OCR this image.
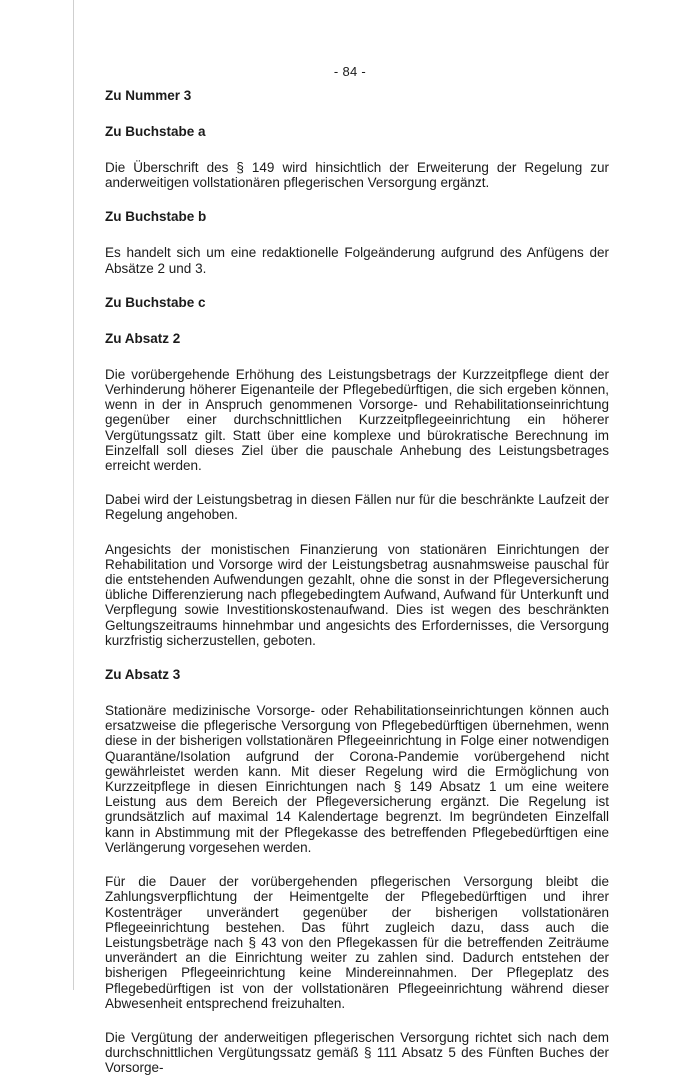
- 84 -
Zu Nummer 3
Zu Buchstabe a

Die Überschrift des § 149 wird hinsichtlich der Erweiterung der Regelung zur anderweitigen vollstationären pflegerischen Versorgung ergänzt.

Zu Buchstabe b

Es handelt sich um eine redaktionelle Folgeänderung aufgrund des Anfügens der Absätze 2 und 3.

Zu Buchstabe c
Zu Absatz 2

Die vorübergehende Erhöhung des Leistungsbetrags der Kurzzeitpflege dient der Verhinderung höherer Eigenanteile der Pflegebedürftigen, die sich ergeben können, wenn in der in Anspruch genommenen Vorsorge- und Rehabilitationseinrichtung gegenüber einer durchschnittlichen Kurzzeitpflegeeinrichtung ein höherer Vergütungssatz gilt. Statt über eine komplexe und bürokratische Berechnung im Einzelfall soll dieses Ziel über die pauschale Anhebung des Leistungsbetrages erreicht werden.

Dabei wird der Leistungsbetrag in diesen Fällen nur für die beschränkte Laufzeit der Regelung angehoben.

Angesichts der monistischen Finanzierung von stationären Einrichtungen der Rehabilitation und Vorsorge wird der Leistungsbetrag ausnahmsweise pauschal für die entstehenden Aufwendungen gezahlt, ohne die sonst in der Pflegeversicherung übliche Differenzierung nach pflegebedingtem Aufwand, Aufwand für Unterkunft und Verpflegung sowie Investitionskostenaufwand. Dies ist wegen des beschränkten Geltungszeitraums hinnehmbar und angesichts des Erfordernisses, die Versorgung kurzfristig sicherzustellen, geboten.

Zu Absatz 3

Stationäre medizinische Vorsorge- oder Rehabilitationseinrichtungen können auch ersatzweise die pflegerische Versorgung von Pflegebedürftigen übernehmen, wenn diese in der bisherigen vollstationären Pflegeeinrichtung in Folge einer notwendigen Quarantäne/Isolation aufgrund der Corona-Pandemie vorübergehend nicht gewährleistet werden kann. Mit dieser Regelung wird die Ermöglichung von Kurzzeitpflege in diesen Einrichtungen nach § 149 Absatz 1 um eine weitere Leistung aus dem Bereich der Pflegeversicherung ergänzt. Die Regelung ist grundsätzlich auf maximal 14 Kalendertage begrenzt. Im begründeten Einzelfall kann in Abstimmung mit der Pflegekasse des betreffenden Pflegebedürftigen eine Verlängerung vorgesehen werden.

Für die Dauer der vorübergehenden pflegerischen Versorgung bleibt die Zahlungsverpflichtung der Heimentgelte der Pflegebedürftigen und ihrer Kostenträger unverändert gegenüber der bisherigen vollstationären Pflegeeinrichtung bestehen. Das führt zugleich dazu, dass auch die Leistungsbeträge nach § 43 von den Pflegekassen für die betreffenden Zeiträume unverändert an die Einrichtung weiter zu zahlen sind. Dadurch entstehen der bisherigen Pflegeeinrichtung keine Mindereinnahmen. Der Pflegeplatz des Pflegebedürftigen ist von der vollstationären Pflegeeinrichtung während dieser Abwesenheit entsprechend freizuhalten.

Die Vergütung der anderweitigen pflegerischen Versorgung richtet sich nach dem durchschnittlichen Vergütungssatz gemäß § 111 Absatz 5 des Fünften Buches der Vorsorge-
